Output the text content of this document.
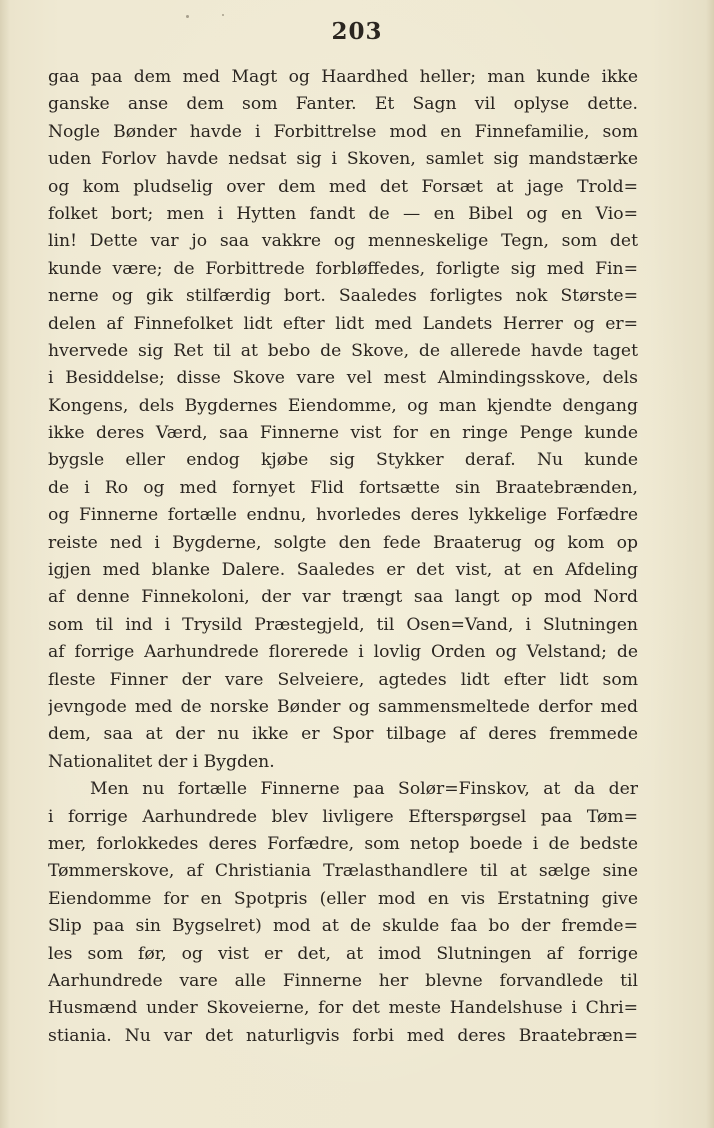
203
gaa paa dem med Magt og Haardhed heller; man kunde ikke
ganske anse dem som Fanter. Et Sagn vil oplyse dette.
Nogle Bønder havde i Forbittrelse mod en Finnefamilie, som
uden Forlov havde nedsat sig i Skoven, samlet sig mandstærke
og kom pludselig over dem med det Forsæt at jage Trold=
folket bort; men i Hytten fandt de — en Bibel og en Vio=
lin! Dette var jo saa vakkre og menneskelige Tegn, som det
kunde være; de Forbittrede forbløffedes, forligte sig med Fin=
nerne og gik stilfærdig bort. Saaledes forligtes nok Største=
delen af Finnefolket lidt efter lidt med Landets Herrer og er=
hvervede sig Ret til at bebo de Skove, de allerede havde taget
i Besiddelse; disse Skove vare vel mest Almindingsskove, dels
Kongens, dels Bygdernes Eiendomme, og man kjendte dengang
ikke deres Værd, saa Finnerne vist for en ringe Penge kunde
bygsle eller endog kjøbe sig Stykker deraf. Nu kunde
de i Ro og med fornyet Flid fortsætte sin Braatebrænden,
og Finnerne fortælle endnu, hvorledes deres lykkelige Forfædre
reiste ned i Bygderne, solgte den fede Braaterug og kom op
igjen med blanke Dalere. Saaledes er det vist, at en Afdeling
af denne Finnekoloni, der var trængt saa langt op mod Nord
som til ind i Trysild Præstegjeld, til Osen=Vand, i Slutningen
af forrige Aarhundrede florerede i lovlig Orden og Velstand; de
fleste Finner der vare Selveiere, agtedes lidt efter lidt som
jevngode med de norske Bønder og sammensmeltede derfor med
dem, saa at der nu ikke er Spor tilbage af deres fremmede
Nationalitet der i Bygden.
Men nu fortælle Finnerne paa Solør=Finskov, at da der
i forrige Aarhundrede blev livligere Efterspørgsel paa Tøm=
mer, forlokkedes deres Forfædre, som netop boede i de bedste
Tømmerskove, af Christiania Trælasthandlere til at sælge sine
Eiendomme for en Spotpris (eller mod en vis Erstatning give
Slip paa sin Bygselret) mod at de skulde faa bo der fremde=
les som før, og vist er det, at imod Slutningen af forrige
Aarhundrede vare alle Finnerne her blevne forvandlede til
Husmænd under Skoveierne, for det meste Handelshuse i Chri=
stiania. Nu var det naturligvis forbi med deres Braatebræn=
